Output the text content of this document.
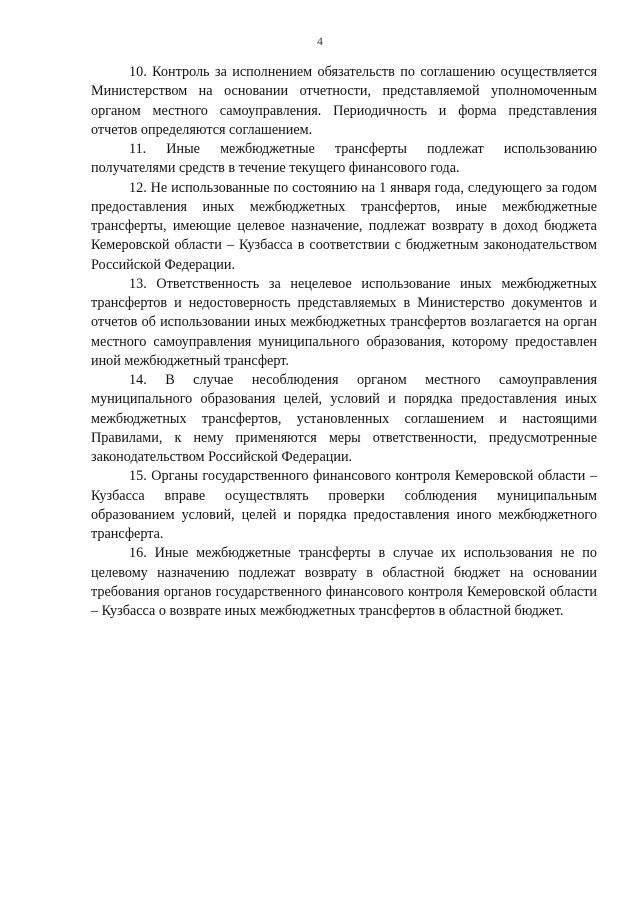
4

10. Контроль за исполнением обязательств по соглашению осуществляется Министерством на основании отчетности, представляемой уполномоченным органом местного самоуправления. Периодичность и форма представления отчетов определяются соглашением.

11. Иные межбюджетные трансферты подлежат использованию получателями средств в течение текущего финансового года.

12. Не использованные по состоянию на 1 января года, следующего за годом предоставления иных межбюджетных трансфертов, иные межбюджетные трансферты, имеющие целевое назначение, подлежат возврату в доход бюджета Кемеровской области – Кузбасса в соответствии с бюджетным законодательством Российской Федерации.

13. Ответственность за нецелевое использование иных межбюджетных трансфертов и недостоверность представляемых в Министерство документов и отчетов об использовании иных межбюджетных трансфертов возлагается на орган местного самоуправления муниципального образования, которому предоставлен иной межбюджетный трансферт.

14. В случае несоблюдения органом местного самоуправления муниципального образования целей, условий и порядка предоставления иных межбюджетных трансфертов, установленных соглашением и настоящими Правилами, к нему применяются меры ответственности, предусмотренные законодательством Российской Федерации.

15. Органы государственного финансового контроля Кемеровской области – Кузбасса вправе осуществлять проверки соблюдения муниципальным образованием условий, целей и порядка предоставления иного межбюджетного трансферта.

16. Иные межбюджетные трансферты в случае их использования не по целевому назначению подлежат возврату в областной бюджет на основании требования органов государственного финансового контроля Кемеровской области – Кузбасса о возврате иных межбюджетных трансфертов в областной бюджет.
